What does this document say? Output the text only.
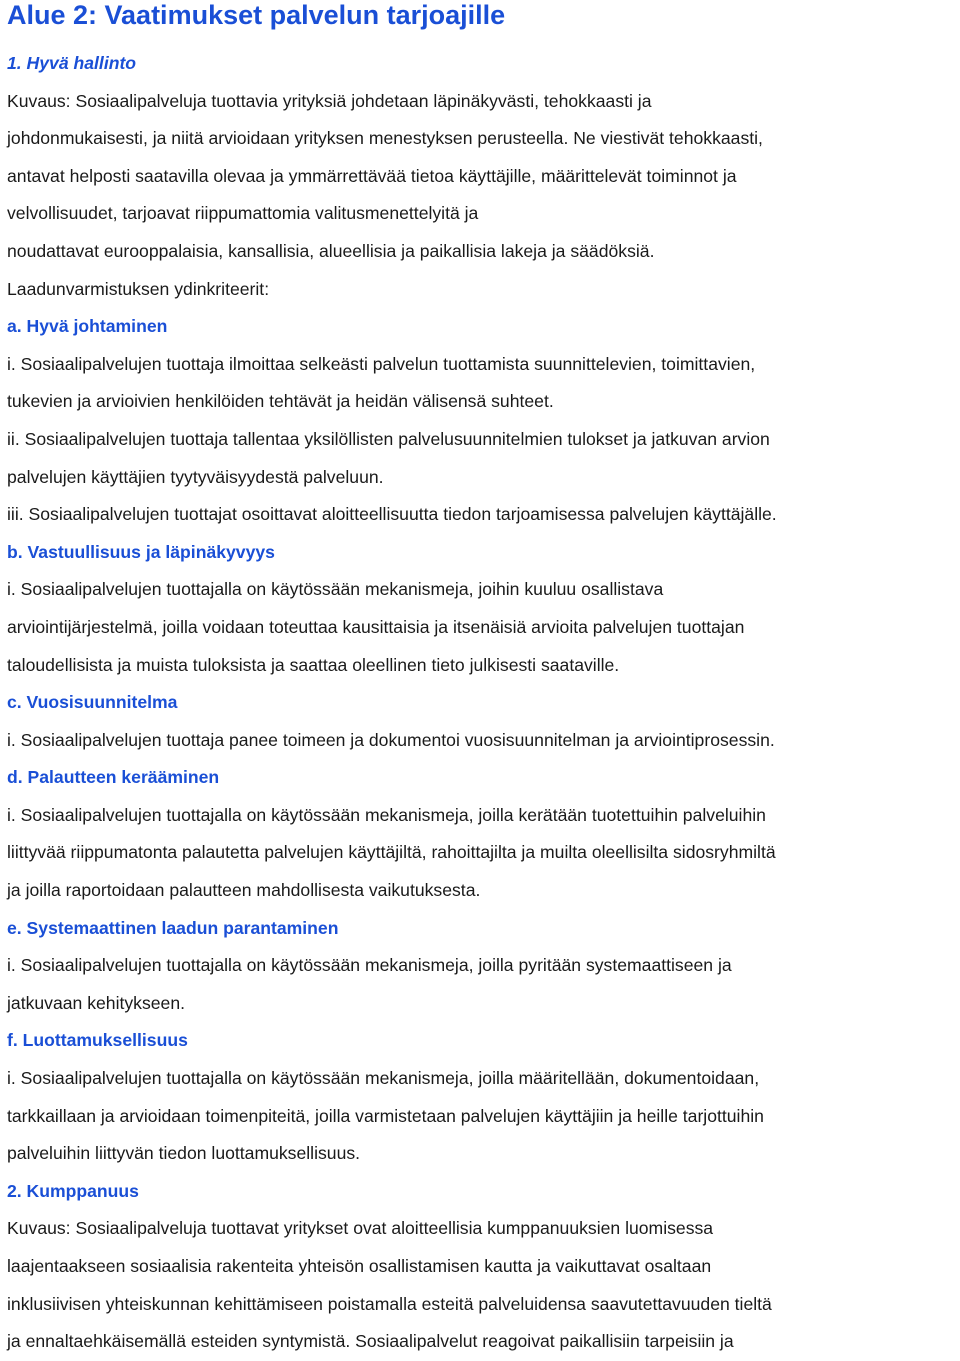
Alue 2: Vaatimukset palvelun tarjoajille
1. Hyvä hallinto
Kuvaus: Sosiaalipalveluja tuottavia yrityksiä johdetaan läpinäkyvästi, tehokkaasti ja
johdonmukaisesti, ja niitä arvioidaan yrityksen menestyksen perusteella. Ne viestivät tehokkaasti,
antavat helposti saatavilla olevaa ja ymmärrettävää tietoa käyttäjille, määrittelevät toiminnot ja
velvollisuudet, tarjoavat riippumattomia valitusmenettelyitä ja
noudattavat eurooppalaisia, kansallisia, alueellisia ja paikallisia lakeja ja säädöksiä.
Laadunvarmistuksen ydinkriteerit:
a. Hyvä johtaminen
i. Sosiaalipalvelujen tuottaja ilmoittaa selkeästi palvelun tuottamista suunnittelevien, toimittavien,
tukevien ja arvioivien henkilöiden tehtävät ja heidän välisensä suhteet.
ii. Sosiaalipalvelujen tuottaja tallentaa yksilöllisten palvelusuunnitelmien tulokset ja jatkuvan arvion
palvelujen käyttäjien tyytyväisyydestä palveluun.
iii. Sosiaalipalvelujen tuottajat osoittavat aloitteellisuutta tiedon tarjoamisessa palvelujen käyttäjälle.
b. Vastuullisuus ja läpinäkyvyys
i. Sosiaalipalvelujen tuottajalla on käytössään mekanismeja, joihin kuuluu osallistava
arviointijärjestelmä, joilla voidaan toteuttaa kausittaisia ja itsenäisiä arvioita palvelujen tuottajan
taloudellisista ja muista tuloksista ja saattaa oleellinen tieto julkisesti saataville.
c. Vuosisuunnitelma
i. Sosiaalipalvelujen tuottaja panee toimeen ja dokumentoi vuosisuunnitelman ja arviointiprosessin.
d. Palautteen kerääminen
i. Sosiaalipalvelujen tuottajalla on käytössään mekanismeja, joilla kerätään tuotettuihin palveluihin
liittyvää riippumatonta palautetta palvelujen käyttäjiltä, rahoittajilta ja muilta oleellisilta sidosryhmiltä
ja joilla raportoidaan palautteen mahdollisesta vaikutuksesta.
e. Systemaattinen laadun parantaminen
i. Sosiaalipalvelujen tuottajalla on käytössään mekanismeja, joilla pyritään systemaattiseen ja
jatkuvaan kehitykseen.
f. Luottamuksellisuus
i. Sosiaalipalvelujen tuottajalla on käytössään mekanismeja, joilla määritellään, dokumentoidaan,
tarkkaillaan ja arvioidaan toimenpiteitä, joilla varmistetaan palvelujen käyttäjiin ja heille tarjottuihin
palveluihin liittyvän tiedon luottamuksellisuus.
2. Kumppanuus
Kuvaus: Sosiaalipalveluja tuottavat yritykset ovat aloitteellisia kumppanuuksien luomisessa
laajentaakseen sosiaalisia rakenteita yhteisön osallistamisen kautta ja vaikuttavat osaltaan
inklusiivisen yhteiskunnan kehittämiseen poistamalla esteitä palveluidensa saavutettavuuden tieltä
ja ennaltaehkäisemällä esteiden syntymistä. Sosiaalipalvelut reagoivat paikallisiin tarpeisiin ja
